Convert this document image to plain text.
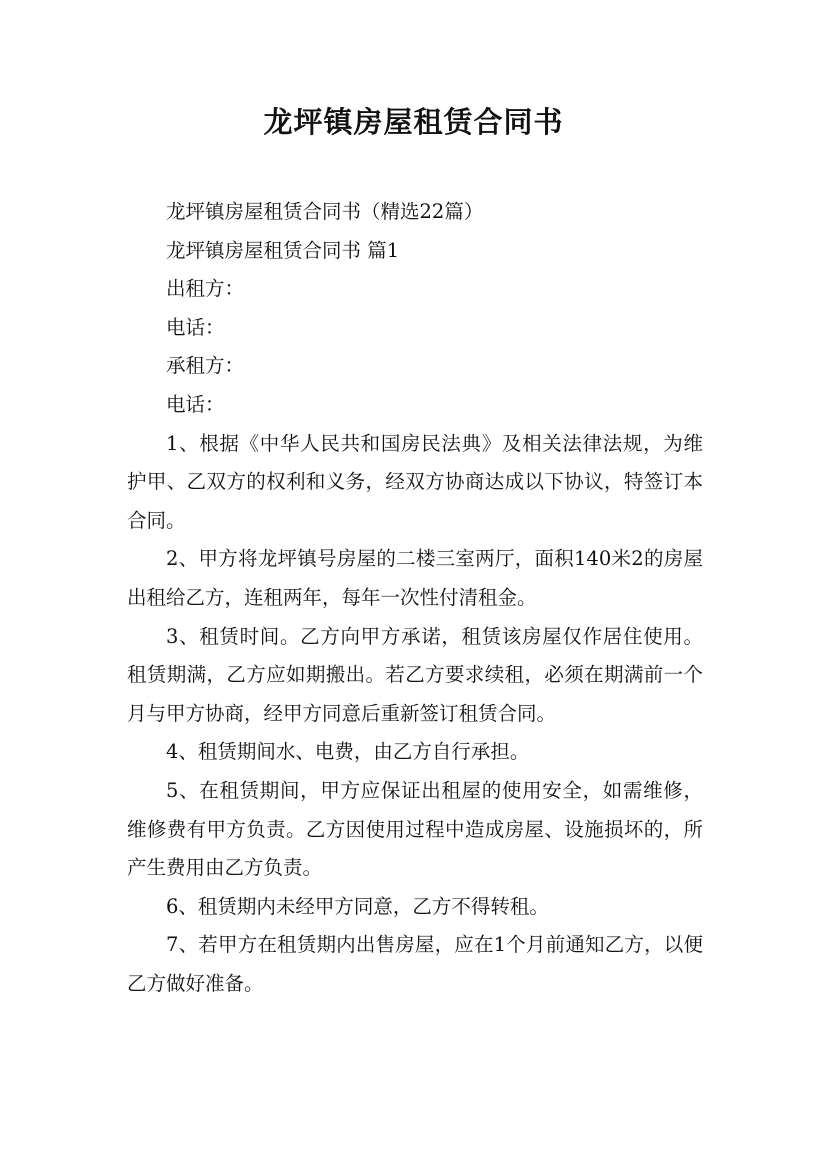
龙坪镇房屋租赁合同书

龙坪镇房屋租赁合同书（精选22篇）

龙坪镇房屋租赁合同书 篇1

出租方：

电话：

承租方：

电话：

1、根据《中华人民共和国房民法典》及相关法律法规，为维护甲、乙双方的权利和义务，经双方协商达成以下协议，特签订本合同。

2、甲方将龙坪镇号房屋的二楼三室两厅，面积140米2的房屋出租给乙方，连租两年，每年一次性付清租金。

3、租赁时间。乙方向甲方承诺，租赁该房屋仅作居住使用。租赁期满，乙方应如期搬出。若乙方要求续租，必须在期满前一个月与甲方协商，经甲方同意后重新签订租赁合同。

4、租赁期间水、电费，由乙方自行承担。

5、在租赁期间，甲方应保证出租屋的使用安全，如需维修，维修费有甲方负责。乙方因使用过程中造成房屋、设施损坏的，所产生费用由乙方负责。

6、租赁期内未经甲方同意，乙方不得转租。

7、若甲方在租赁期内出售房屋，应在1个月前通知乙方，以便乙方做好准备。
